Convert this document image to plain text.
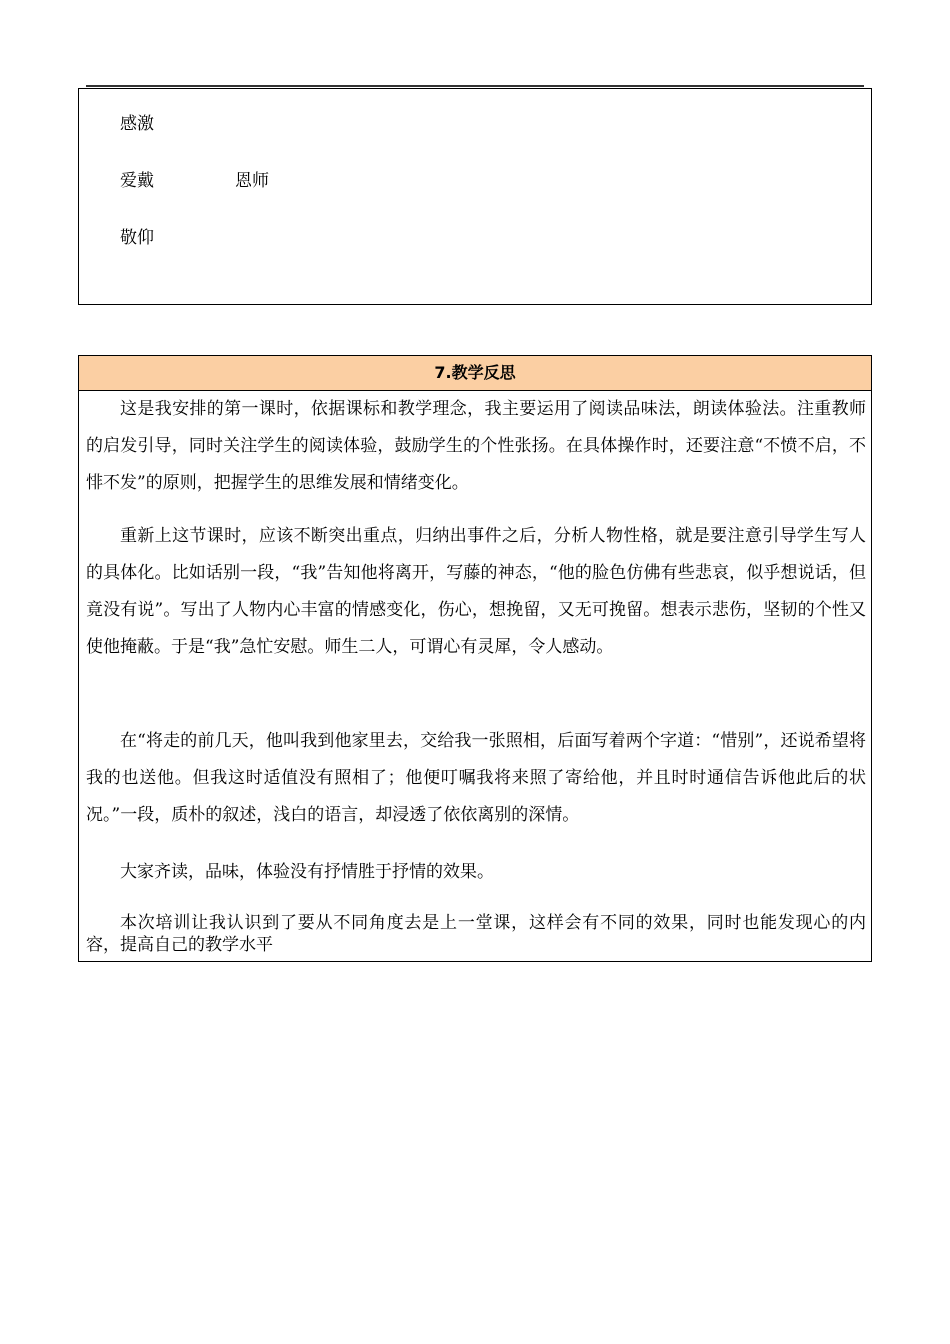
感激
爱戴	恩师
敬仰
7.教学反思

这是我安排的第一课时，依据课标和教学理念，我主要运用了阅读品味法，朗读体验法。注重教师的启发引导，同时关注学生的阅读体验，鼓励学生的个性张扬。在具体操作时，还要注意“不愤不启，不悱不发”的原则，把握学生的思维发展和情绪变化。

重新上这节课时，应该不断突出重点，归纳出事件之后，分析人物性格，就是要注意引导学生写人的具体化。比如话别一段，“我”告知他将离开，写藤的神态，“他的脸色仿佛有些悲哀，似乎想说话，但竟没有说”。写出了人物内心丰富的情感变化，伤心，想挽留，又无可挽留。想表示悲伤，坚韧的个性又使他掩蔽。于是“我”急忙安慰。师生二人，可谓心有灵犀，令人感动。

在“将走的前几天，他叫我到他家里去，交给我一张照相，后面写着两个字道：“惜别”，还说希望将我的也送他。但我这时适值没有照相了；他便叮嘱我将来照了寄给他，并且时时通信告诉他此后的状况。”一段，质朴的叙述，浅白的语言，却浸透了依依离别的深情。

大家齐读，品味，体验没有抒情胜于抒情的效果。

本次培训让我认识到了要从不同角度去是上一堂课，这样会有不同的效果，同时也能发现心的内容，提高自己的教学水平
